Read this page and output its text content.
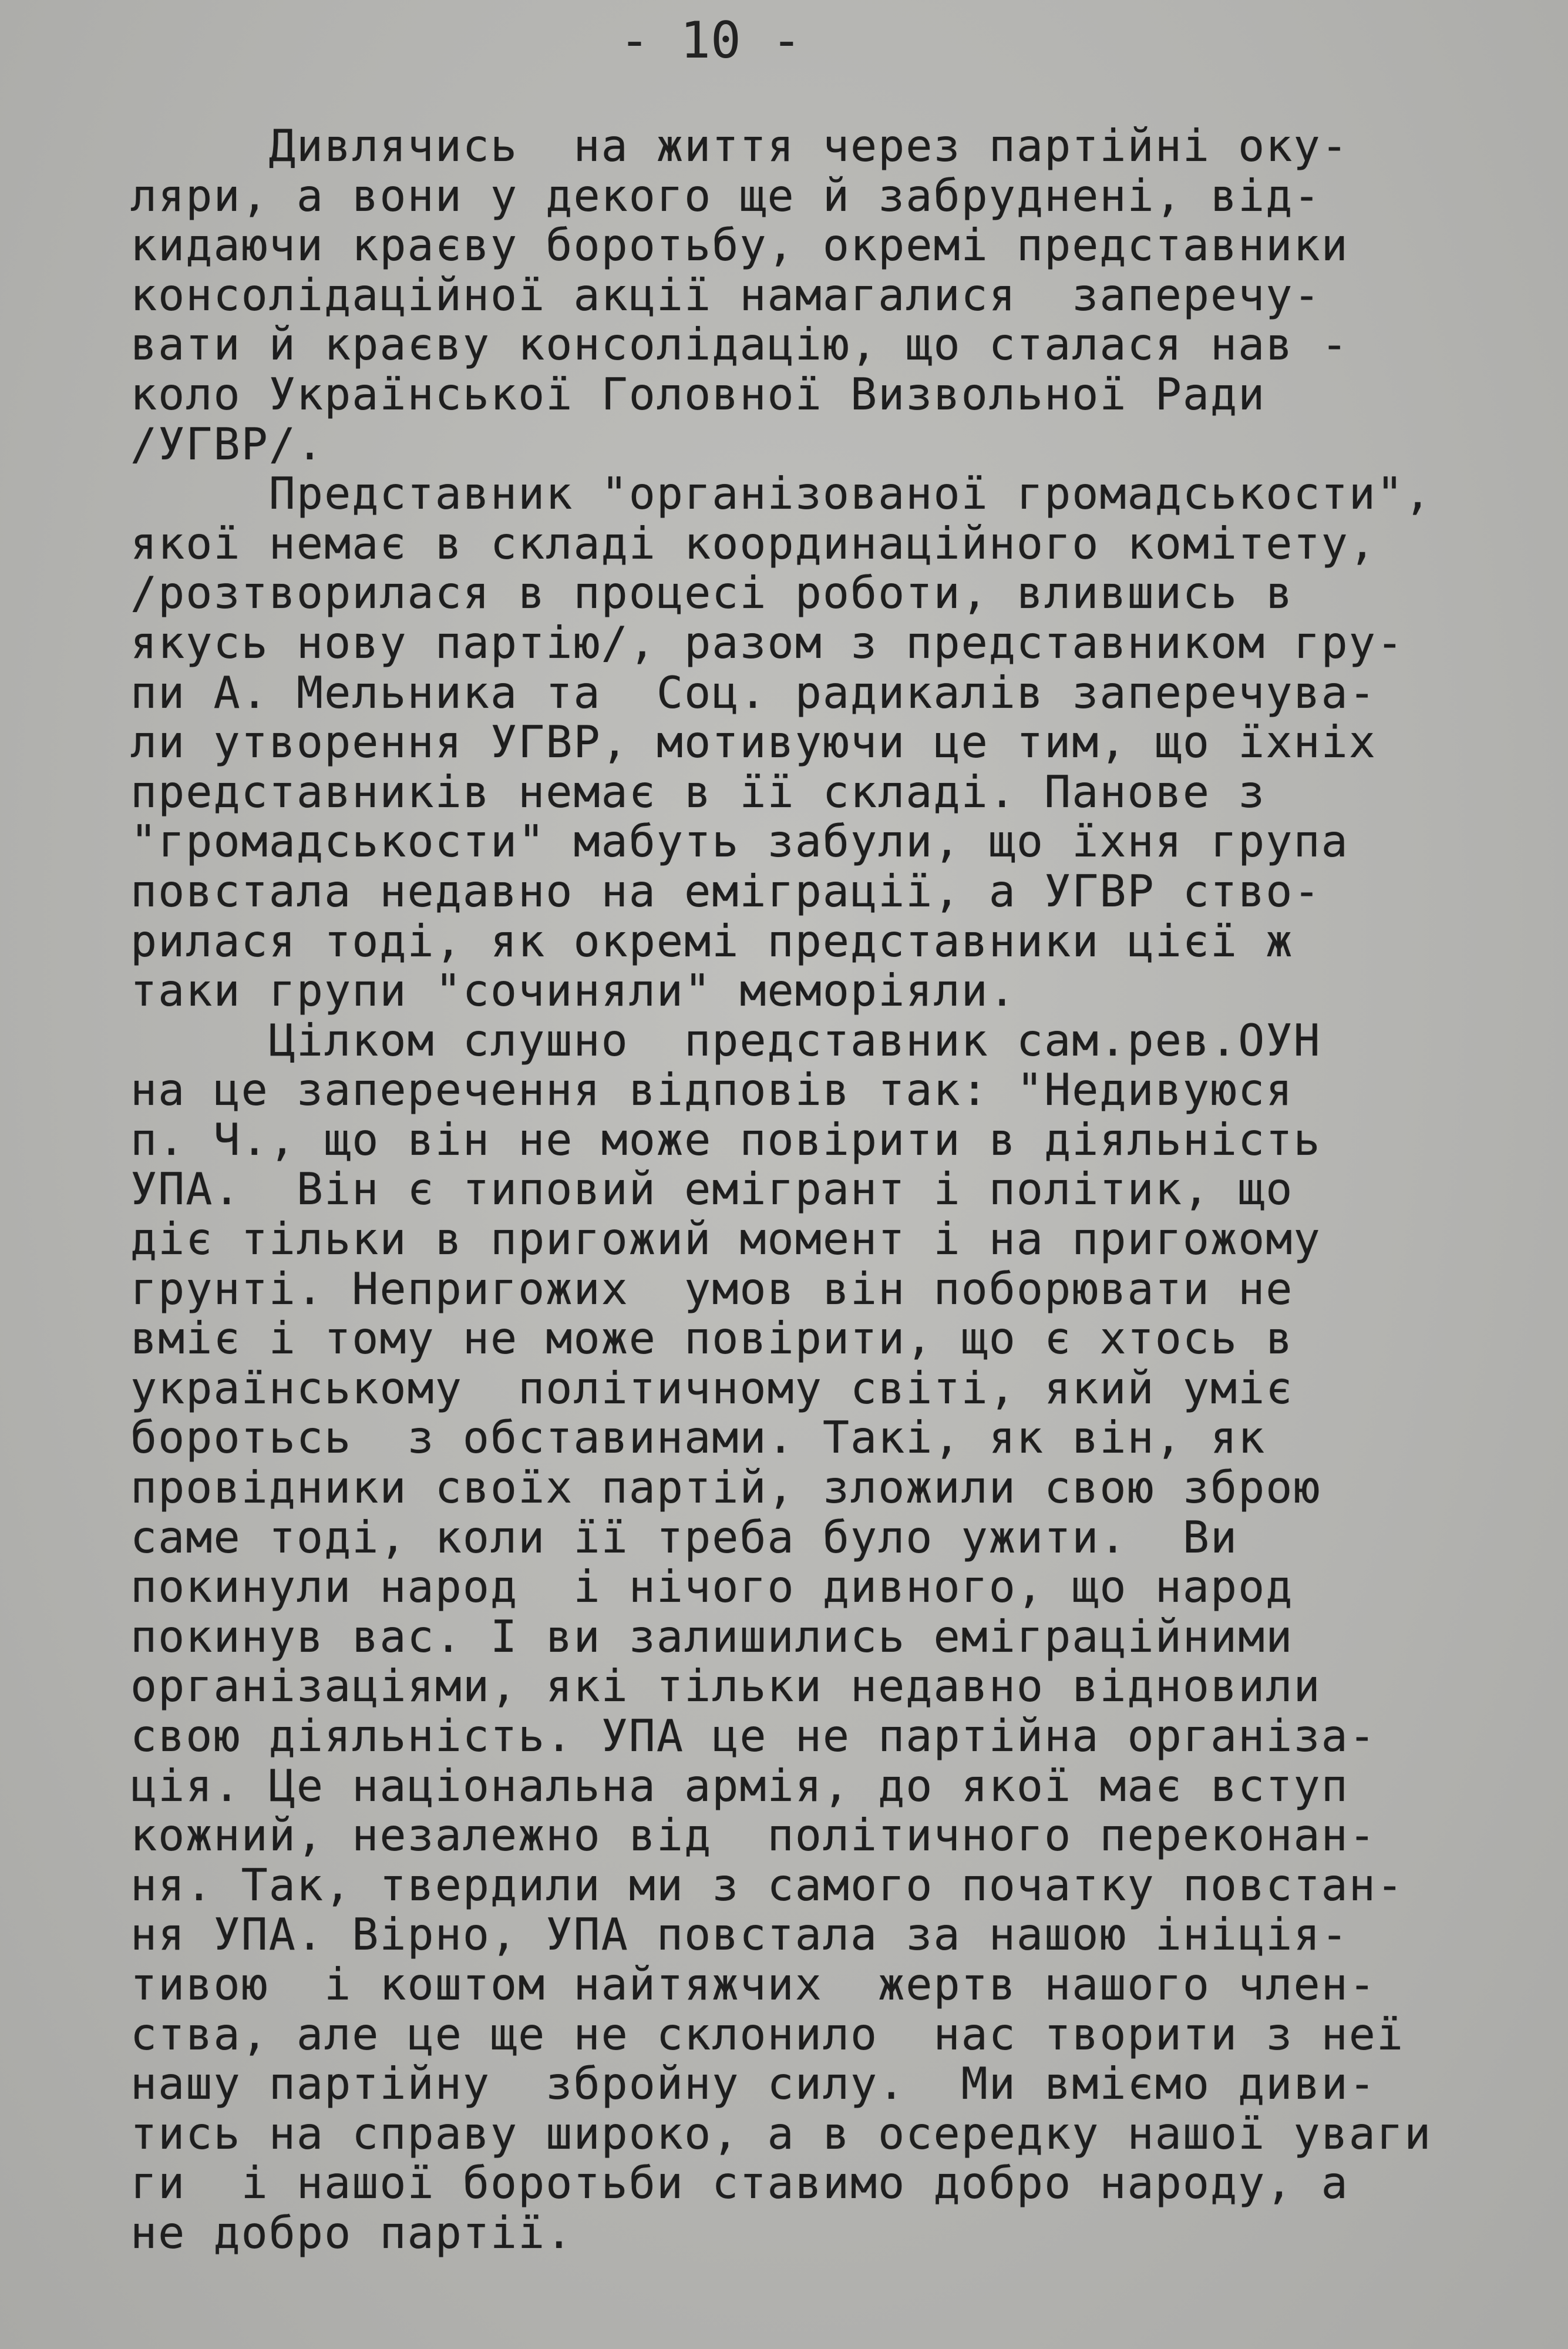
- 10 -
Дивлячись  на життя через партійні оку-
ляри, а вони у декого ще й забруднені, від-
кидаючи краєву боротьбу, окремі представники
консолідаційної акції намагалися  заперечу-
вати й краєву консолідацію, що сталася нав -
коло Української Головної Визвольної Ради
/УГВР/.
Представник "організованої громадськости",
якої немає в складі координаційного комітету,
/розтворилася в процесі роботи, влившись в
якусь нову партію/, разом з представником гру-
пи А. Мельника та  Соц. радикалів заперечува-
ли утворення УГВР, мотивуючи це тим, що їхніх
представників немає в її складі. Панове з
"громадськости" мабуть забули, що їхня група
повстала недавно на еміграції, а УГВР ство-
рилася тоді, як окремі представники цієї ж
таки групи "сочиняли" меморіяли.
Цілком слушно  представник сам.рев.ОУН
на це заперечення відповів так: "Недивуюся
п. Ч., що він не може повірити в діяльність
УПА.  Він є типовий емігрант і політик, що
діє тільки в пригожий момент і на пригожому
грунті. Непригожих  умов він поборювати не
вміє і тому не може повірити, що є хтось в
українському  політичному світі, який уміє
боротьсь  з обставинами. Такі, як він, як
провідники своїх партій, зложили свою зброю
саме тоді, коли її треба було ужити.  Ви
покинули народ  і нічого дивного, що народ
покинув вас. І ви залишились еміграційними
організаціями, які тільки недавно відновили
свою діяльність. УПА це не партійна організа-
ція. Це національна армія, до якої має вступ
кожний, незалежно від  політичного переконан-
ня. Так, твердили ми з самого початку повстан-
ня УПА. Вірно, УПА повстала за нашою ініція-
тивою  і коштом найтяжчих  жертв нашого член-
ства, але це ще не склонило  нас творити з неї
нашу партійну  збройну силу.  Ми вміємо диви-
тись на справу широко, а в осередку нашої уваги
ги  і нашої боротьби ставимо добро народу, а
не добро партії.
